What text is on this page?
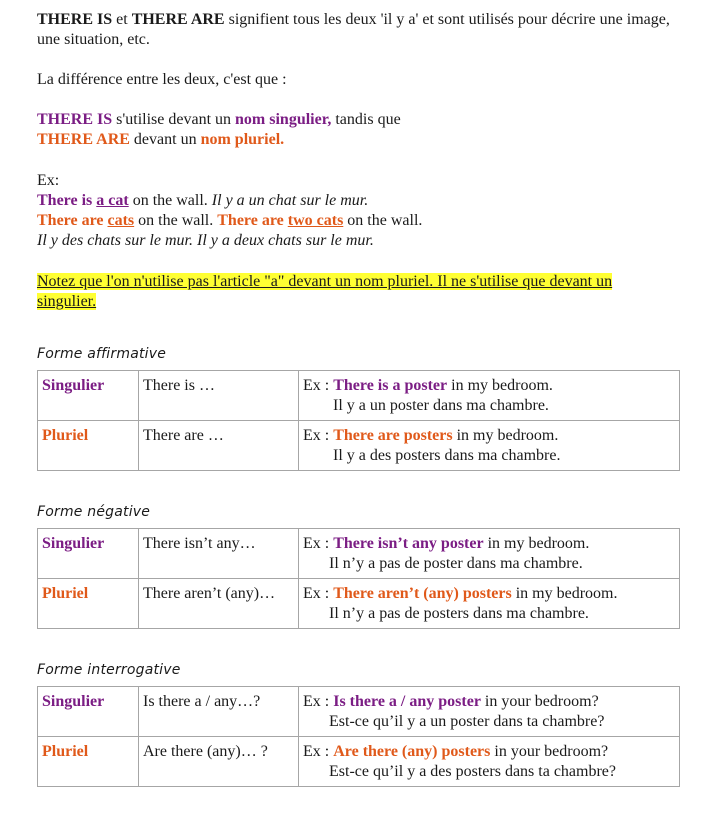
THERE IS et THERE ARE signifient tous les deux 'il y a' et sont utilisés pour décrire une image, une situation, etc.

La différence entre les deux, c'est que :

THERE IS s'utilise devant un nom singulier, tandis que

THERE ARE devant un nom pluriel.

Ex:

There is a cat on the wall. Il y a un chat sur le mur.

There are cats on the wall. There are two cats on the wall.

Il y des chats sur le mur. Il y a deux chats sur le mur.

Notez que l'on n'utilise pas l'article "a" devant un nom pluriel. Il ne s'utilise que devant un singulier.

Forme affirmative

Singulier	There is …	Ex : There is a poster in my bedroom.
Il y a un poster dans ma chambre.

Pluriel	There are …	Ex : There are posters in my bedroom.
Il y a des posters dans ma chambre.

Forme négative

Singulier	There isn’t any…	Ex : There isn’t any poster in my bedroom.
Il n’y a pas de poster dans ma chambre.

Pluriel	There aren’t (any)…	Ex : There aren’t (any) posters in my bedroom.
Il n’y a pas de posters dans ma chambre.

Forme interrogative

Singulier	Is there a / any…?	Ex : Is there a / any poster in your bedroom?
Est-ce qu’il y a un poster dans ta chambre?

Pluriel	Are there (any)… ?	Ex : Are there (any) posters in your bedroom?
Est-ce qu’il y a des posters dans ta chambre?
